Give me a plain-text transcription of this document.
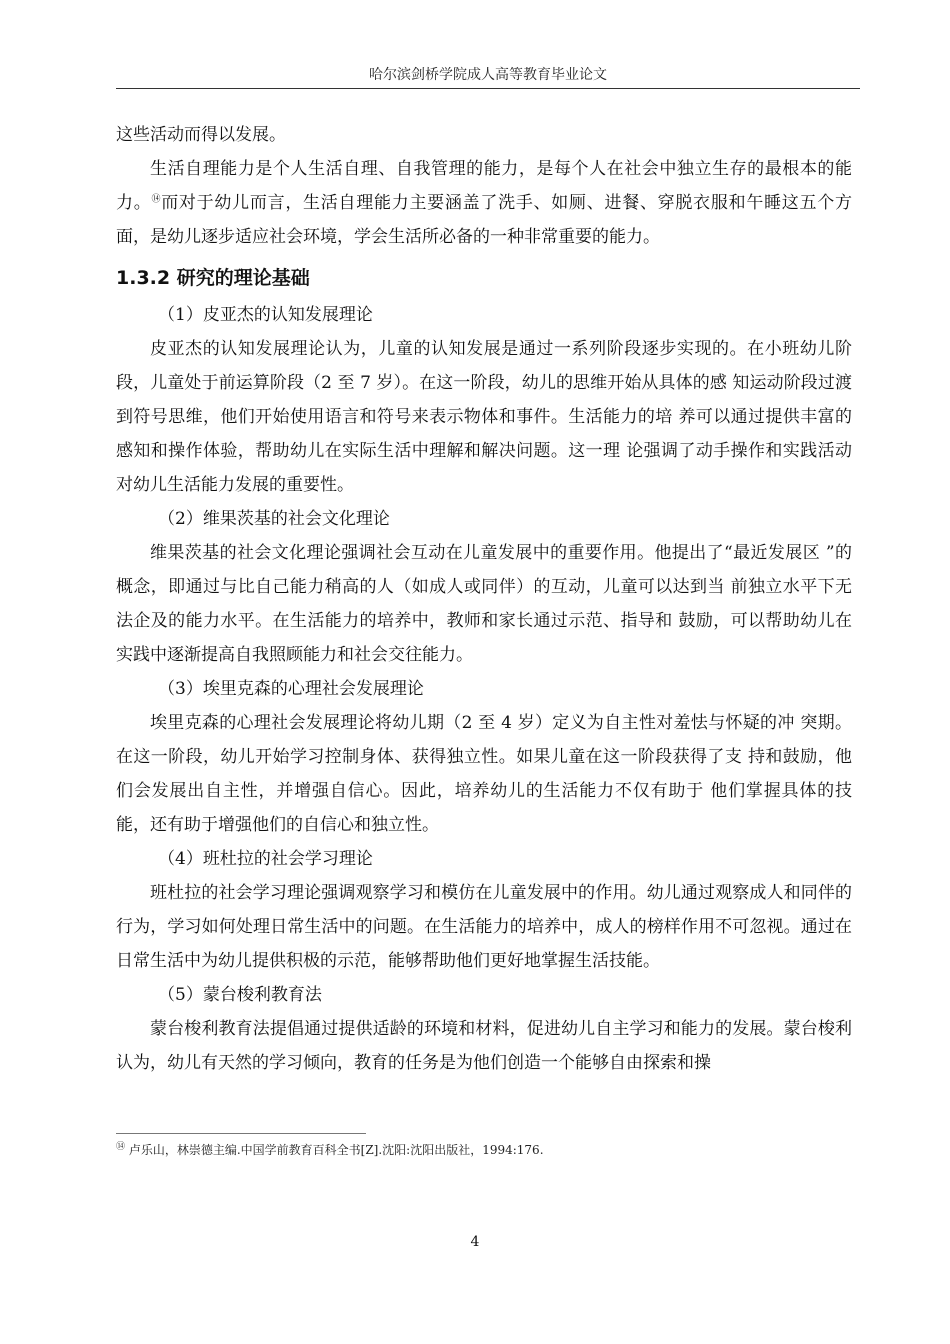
哈尔滨剑桥学院成人高等教育毕业论文

这些活动而得以发展。

生活自理能力是个人生活自理、自我管理的能力，是每个人在社会中独立生存的最根本的能力。⑭而对于幼儿而言，生活自理能力主要涵盖了洗手、如厕、进餐、穿脱衣服和午睡这五个方面，是幼儿逐步适应社会环境，学会生活所必备的一种非常重要的能力。

1.3.2 研究的理论基础

（1）皮亚杰的认知发展理论

皮亚杰的认知发展理论认为，儿童的认知发展是通过一系列阶段逐步实现的。在小班幼儿阶段，儿童处于前运算阶段（2 至 7 岁）。在这一阶段，幼儿的思维开始从具体的感 知运动阶段过渡到符号思维，他们开始使用语言和符号来表示物体和事件。生活能力的培 养可以通过提供丰富的感知和操作体验，帮助幼儿在实际生活中理解和解决问题。这一理 论强调了动手操作和实践活动对幼儿生活能力发展的重要性。

（2）维果茨基的社会文化理论

维果茨基的社会文化理论强调社会互动在儿童发展中的重要作用。他提出了“最近发展区 ”的概念，即通过与比自己能力稍高的人（如成人或同伴）的互动，儿童可以达到当 前独立水平下无法企及的能力水平。在生活能力的培养中，教师和家长通过示范、指导和 鼓励，可以帮助幼儿在实践中逐渐提高自我照顾能力和社会交往能力。

（3）埃里克森的心理社会发展理论

埃里克森的心理社会发展理论将幼儿期（2 至 4 岁）定义为自主性对羞怯与怀疑的冲 突期。在这一阶段，幼儿开始学习控制身体、获得独立性。如果儿童在这一阶段获得了支 持和鼓励，他们会发展出自主性，并增强自信心。因此，培养幼儿的生活能力不仅有助于 他们掌握具体的技能，还有助于增强他们的自信心和独立性。

（4）班杜拉的社会学习理论

班杜拉的社会学习理论强调观察学习和模仿在儿童发展中的作用。幼儿通过观察成人和同伴的行为，学习如何处理日常生活中的问题。在生活能力的培养中，成人的榜样作用不可忽视。通过在日常生活中为幼儿提供积极的示范，能够帮助他们更好地掌握生活技能。

（5）蒙台梭利教育法

蒙台梭利教育法提倡通过提供适龄的环境和材料，促进幼儿自主学习和能力的发展。蒙台梭利认为，幼儿有天然的学习倾向，教育的任务是为他们创造一个能够自由探索和操

⑭ 卢乐山，林崇德主编.中国学前教育百科全书[Z].沈阳:沈阳出版社，1994:176.
4
